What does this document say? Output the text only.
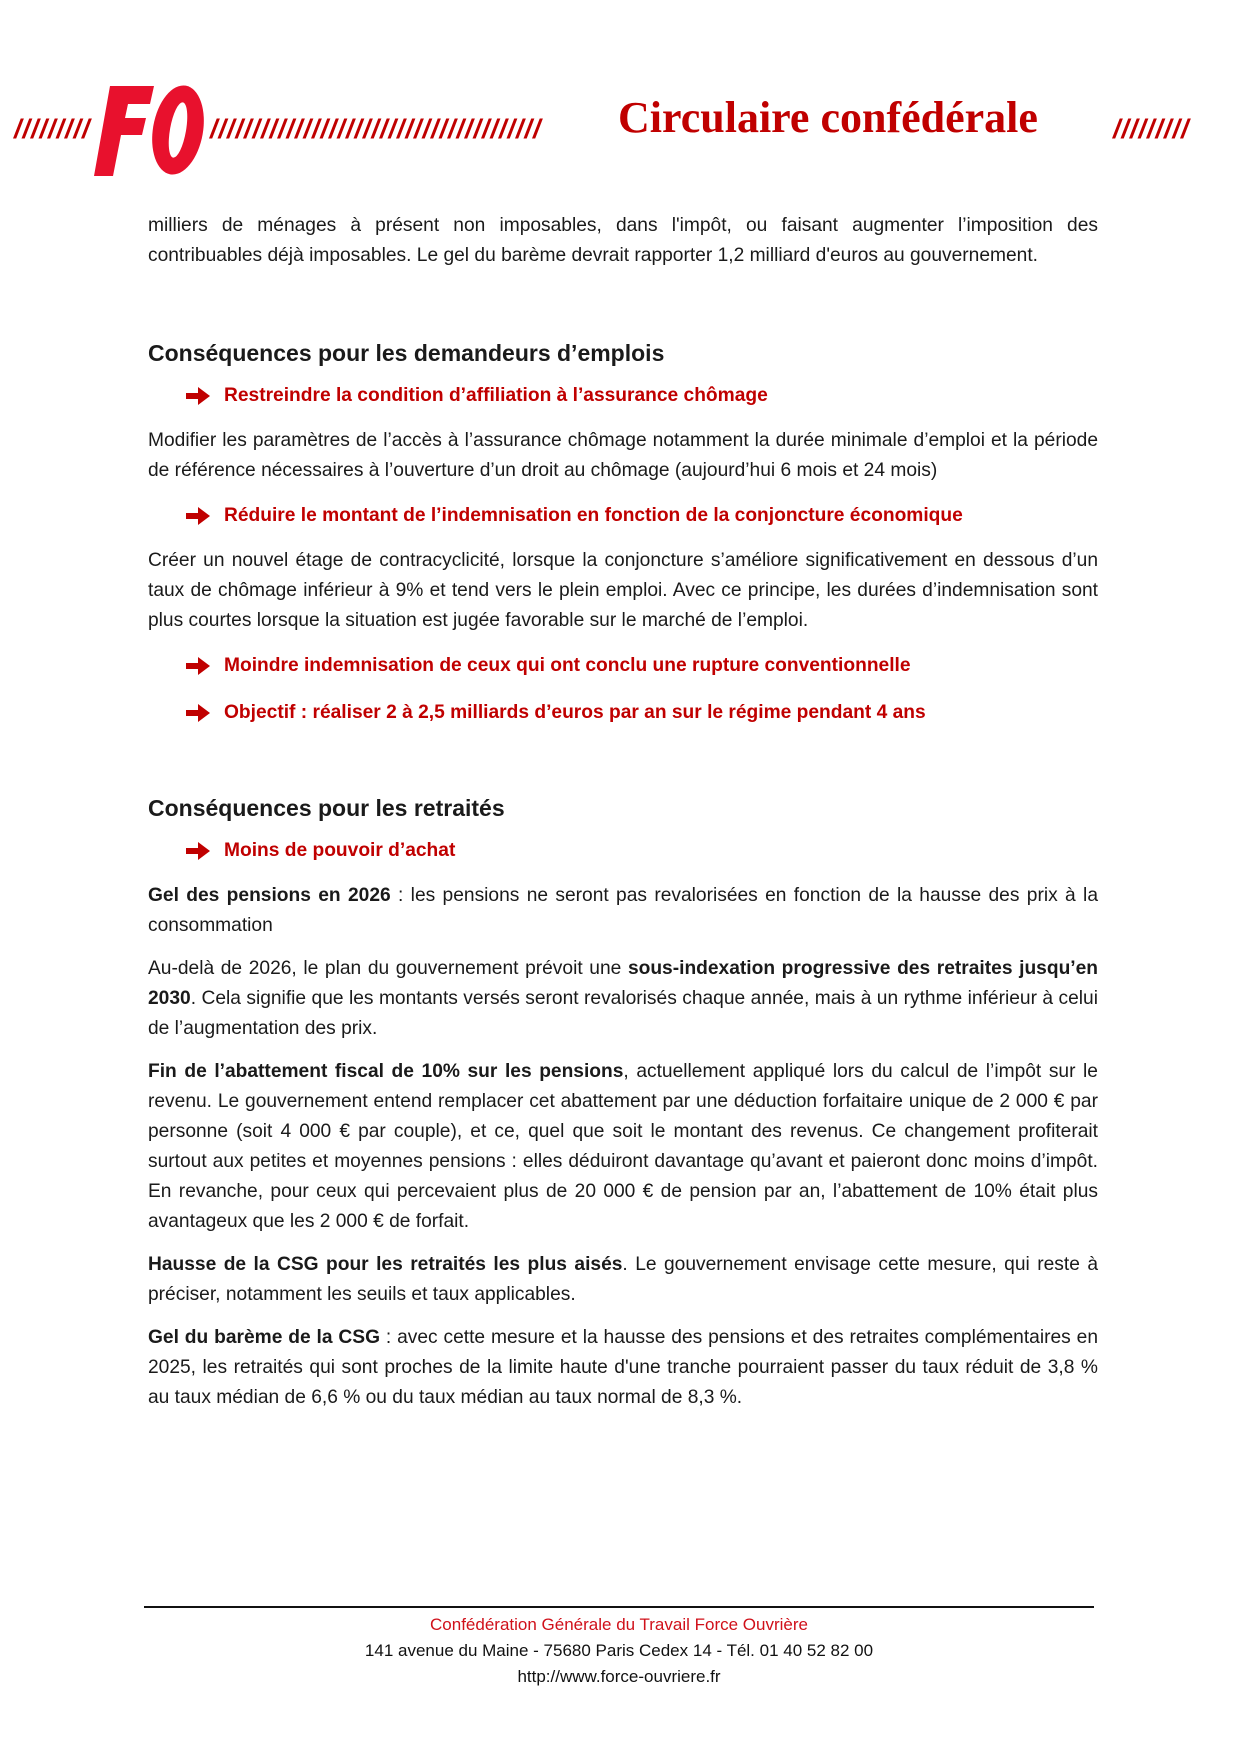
/////////	/////////////////////////////////////// Circulaire confédérale	/////////

milliers de ménages à présent non imposables, dans l'impôt, ou faisant augmenter l’imposition des contribuables déjà imposables. Le gel du barème devrait rapporter 1,2 milliard d'euros au gouvernement.

Conséquences pour les demandeurs d’emplois
Restreindre la condition d’affiliation à l’assurance chômage

Modifier les paramètres de l’accès à l’assurance chômage notamment la durée minimale d’emploi et la période de référence nécessaires à l’ouverture d’un droit au chômage (aujourd’hui 6 mois et 24 mois)

Réduire le montant de l’indemnisation en fonction de la conjoncture économique

Créer un nouvel étage de contracyclicité, lorsque la conjoncture s’améliore significativement en dessous d’un taux de chômage inférieur à 9% et tend vers le plein emploi. Avec ce principe, les durées d’indemnisation sont plus courtes lorsque la situation est jugée favorable sur le marché de l’emploi.

Moindre indemnisation de ceux qui ont conclu une rupture conventionnelle
Objectif : réaliser 2 à 2,5 milliards d’euros par an sur le régime pendant 4 ans
Conséquences pour les retraités
Moins de pouvoir d’achat

Gel des pensions en 2026 : les pensions ne seront pas revalorisées en fonction de la hausse des prix à la consommation

Au-delà de 2026, le plan du gouvernement prévoit une sous-indexation progressive des retraites jusqu’en 2030. Cela signifie que les montants versés seront revalorisés chaque année, mais à un rythme inférieur à celui de l’augmentation des prix.

Fin de l’abattement fiscal de 10% sur les pensions, actuellement appliqué lors du calcul de l’impôt sur le revenu. Le gouvernement entend remplacer cet abattement par une déduction forfaitaire unique de 2 000 € par personne (soit 4 000 € par couple), et ce, quel que soit le montant des revenus. Ce changement profiterait surtout aux petites et moyennes pensions : elles déduiront davantage qu’avant et paieront donc moins d’impôt. En revanche, pour ceux qui percevaient plus de 20 000 € de pension par an, l’abattement de 10% était plus avantageux que les 2 000 € de forfait.

Hausse de la CSG pour les retraités les plus aisés. Le gouvernement envisage cette mesure, qui reste à préciser, notamment les seuils et taux applicables.

Gel du barème de la CSG : avec cette mesure et la hausse des pensions et des retraites complémentaires en 2025, les retraités qui sont proches de la limite haute d'une tranche pourraient passer du taux réduit de 3,8 % au taux médian de 6,6 % ou du taux médian au taux normal de 8,3 %.

Confédération Générale du Travail Force Ouvrière
141 avenue du Maine - 75680 Paris Cedex 14 - Tél. 01 40 52 82 00
http://www.force-ouvriere.fr
